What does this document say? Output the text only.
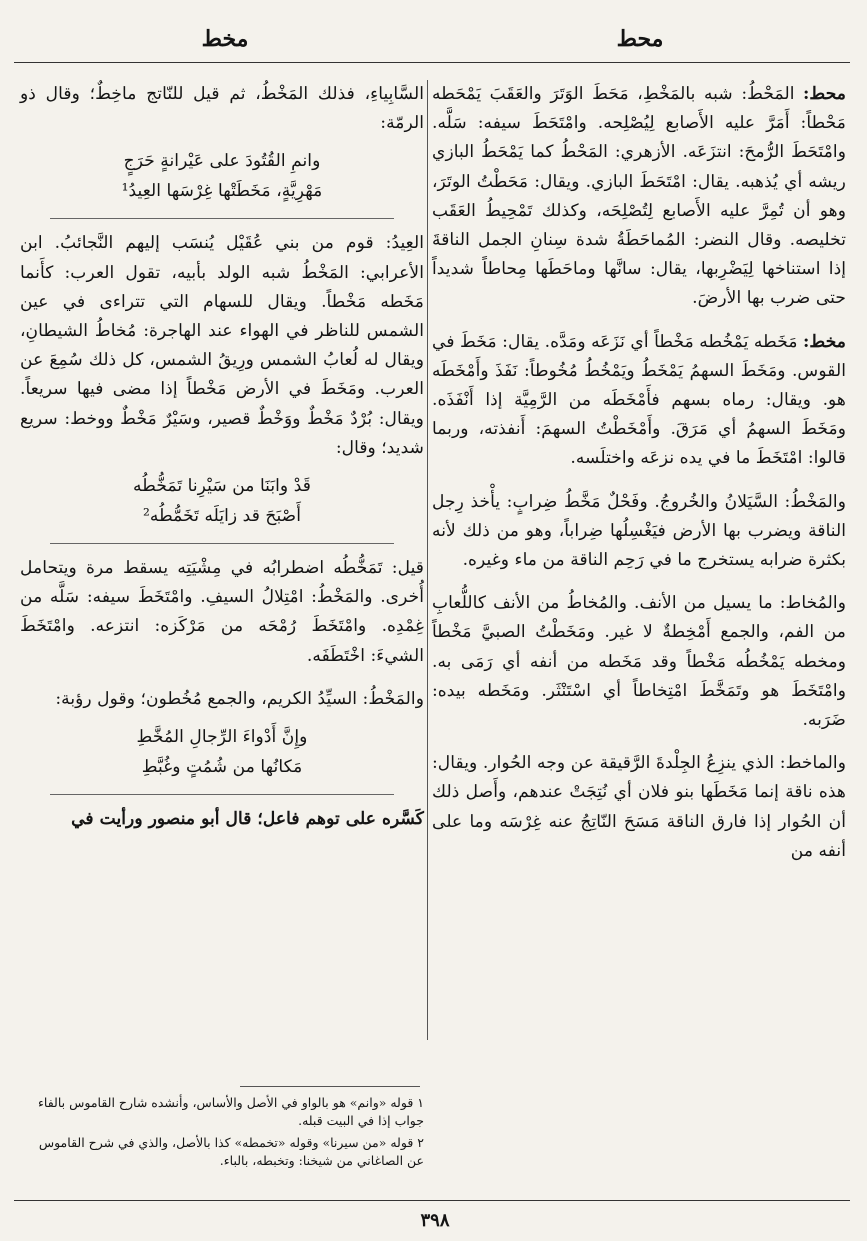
محط
مخط

محط: المَحْطُ: شبه بالمَخْطِ، مَحَطَ الوَتَرَ والعَقَبَ يَمْحَطه مَحْطاً: أَمَرَّ عليه الأَصابع لِيُصْلِحه. وامْتَحَطَ سيفه: سَلَّه. وامْتَحَطَ الرُّمحَ: انتزَعَه. الأزهري: المَحْطُ كما يَمْحَطُ البازي ريشه أي يُذهبه. يقال: امْتَحَطَ البازي. ويقال: مَحَطْتُ الوتَرَ، وهو أن تُمِرَّ عليه الأَصابع لِتُصْلِحَه، وكذلك تَمْحِيطُ العَقَب تخليصه. وقال النضر: المُماحَطَةُ شدة سِنانِ الجمل الناقةَ إذا استناخها لِيَضْرِبها، يقال: سانَّها وماحَطَها مِحاطاً شديداً حتى ضرب بها الأرضَ.

مخط: مَخَطه يَمْخُطه مَخْطاً أي نَزَعَه ومَدَّه. يقال: مَخَطَ في القوس. ومَخَطَ السهمُ يَمْخَطُ ويَمْخُطُ مُخُوطاً: نَفَذَ وأَمْخَطَه هو. ويقال: رماه بسهم فأَمْخَطَه من الرَّمِيَّة إذا أَنْفَذَه. ومَخَطَ السهمُ أي مَرَقَ. وأَمْخَطْتُ السهمَ: أَنفذته، وربما قالوا: امْتَخَطَ ما في يده نزعَه واختلَسه.

والمَخْطُ: السَّيَلانُ والخُروجُ. وفَحْلٌ مَخَّطُ ضِرابٍ: يأْخذ رِجل الناقة ويضرب بها الأرض فيَغْسِلُها ضِراباً، وهو من ذلك لأنه بكثرة ضرابه يستخرج ما في رَحِم الناقة من ماء وغيره.

والمُخاط: ما يسيل من الأنف. والمُخاطُ من الأنف كاللُّعابِ من الفم، والجمع أَمْخِطةٌ لا غير. ومَخَطْتُ الصبيَّ مَخْطاً ومخطه يَمْخُطُه مَخْطاً وقد مَخَطه من أنفه أي رَمَى به. وامْتَخَطَ هو وتَمَخَّطَ امْتِخاطاً أي اسْتَنْثَر. ومَخَطه بيده: ضَرَبه.

والماخط: الذي ينزِعُ الجِلْدةَ الرَّقيقة عن وجه الحُوار. ويقال: هذه ناقة إنما مَخَطَها بنو فلان أي نُتِجَتْ عندهم، وأَصل ذلك أن الحُوار إذا فارق الناقة مَسَحَ النّاتِجُ عنه غِرْسَه وما على أنفه من

السَّابِياءِ، فذلك المَخْطُ، ثم قيل للنّاتج ماخِطٌ؛ وقال ذو الرمّة:

وانمِ القُتُودَ على عَيْرانةٍ حَرَجٍ
مَهْرِيَّةٍ، مَخَطَتْها غِرْسَها العِيدُ¹

العِيدُ: قوم من بني عُقَيْل يُنسَب إليهم النَّجائبُ. ابن الأعرابي: المَخْطُ شبه الولد بأبيه، تقول العرب: كأَنما مَخَطه مَخْطاً. ويقال للسهام التي تتراءى في عين الشمس للناظر في الهواء عند الهاجرة: مُخاطُ الشيطانِ، ويقال له لُعابُ الشمس ورِيقُ الشمس، كل ذلك سُمِعَ عن العرب. ومَخَطَ في الأرض مَخْطاً إذا مضى فيها سريعاً. ويقال: بُرْدٌ مَخْطٌ ووَخْطٌ قصير، وسَيْرٌ مَخْطٌ ووخط: سريع شديد؛ وقال:

قَدْ وابَنَا من سَيْرِنا تَمَخُّطُه
أَصْبَحَ قد زايَلَه تَخَمُّطُه²

قيل: تَمَخُّطُه اضطرابُه في مِشْيَتِه يسقط مرة ويتحامل أُخرى. والمَخْطُ: امْتِلالُ السيفِ. وامْتَخَطَ سيفه: سَلَّه من غِمْدِه. وامْتَخَطَ رُمْحَه من مَرْكَزه: انتزعه. وامْتَخَطَ الشيءَ: اخْتَطَفَه.

والمَخْطُ: السيِّدُ الكريم، والجمع مُخُطون؛ وقول رؤبة:

وإِنَّ أَدْواءَ الرِّجالِ المُخَّطِ
مَكانُها من شُمُتٍ وغُبَّطِ

كَسَّره على توهم فاعل؛ قال أبو منصور ورأيت في

١ قوله «وانم» هو بالواو في الأصل والأساس، وأنشده شارح القاموس بالفاء جواب إذا في البيت قبله.

٢ قوله «من سيرنا» وقوله «تخمطه» كذا بالأصل، والذي في شرح القاموس عن الصاغاني من شيخنا: وتخبطه، بالباء.

٣٩٨
